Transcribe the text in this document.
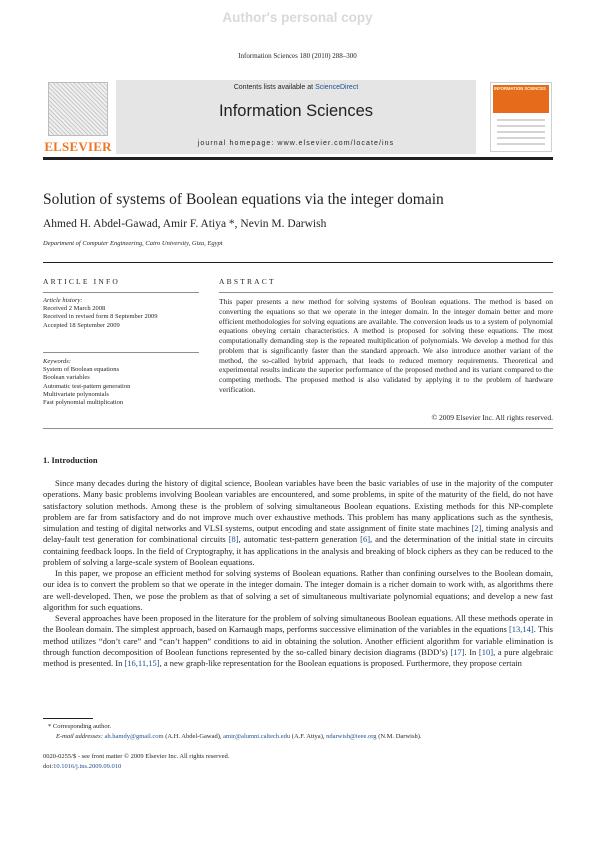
Author's personal copy
Information Sciences 180 (2010) 288–300
ELSEVIER
Contents lists available at ScienceDirect
Information Sciences
journal homepage: www.elsevier.com/locate/ins
INFORMATION SCIENCES
Solution of systems of Boolean equations via the integer domain
Ahmed H. Abdel-Gawad, Amir F. Atiya *, Nevin M. Darwish
Department of Computer Engineering, Cairo University, Giza, Egypt
ARTICLE INFO
Article history:
Received 2 March 2008
Received in revised form 8 September 2009
Accepted 18 September 2009
Keywords:
System of Boolean equations
Boolean variables
Automatic test-pattern generation
Multivariate polynomials
Fast polynomial multiplication
ABSTRACT
This paper presents a new method for solving systems of Boolean equations. The method is based on converting the equations so that we operate in the integer domain. In the integer domain better and more efficient methodologies for solving equations are available. The conversion leads us to a system of polynomial equations obeying certain characteristics. A method is proposed for solving these equations. The most computationally demanding step is the repeated multiplication of polynomials. We develop a method for this problem that is significantly faster than the standard approach. We also introduce another variant of the method, the so-called hybrid approach, that leads to reduced memory requirements. Theoretical and experimental results indicate the superior performance of the proposed method and its variant compared to the competing methods. The proposed method is also validated by applying it to the problem of hardware verification.
© 2009 Elsevier Inc. All rights reserved.
1. Introduction

Since many decades during the history of digital science, Boolean variables have been the basic variables of use in the majority of the computer operations. Many basic problems involving Boolean variables are encountered, and some problems, in spite of the maturity of the field, do not have satisfactory solution methods. Among these is the problem of solving simultaneous Boolean equations. Existing methods for this NP-complete problem are far from satisfactory and do not improve much over exhaustive methods. This problem has many applications such as the synthesis, simulation and testing of digital networks and VLSI systems, output encoding and state assignment of finite state machines [2], timing analysis and delay-fault test generation for combinational circuits [8], automatic test-pattern generation [6], and the determination of the initial state in circuits containing feedback loops. In the field of Cryptography, it has applications in the analysis and breaking of block ciphers as they can be reduced to the problem of solving a large-scale system of Boolean equations.

In this paper, we propose an efficient method for solving systems of Boolean equations. Rather than confining ourselves to the Boolean domain, our idea is to convert the problem so that we operate in the integer domain. The integer domain is a richer domain to work with, as algorithms there are well-developed. Then, we pose the problem as that of solving a set of simultaneous multivariate polynomial equations; and develop a new fast algorithm for such equations.

Several approaches have been proposed in the literature for the problem of solving simultaneous Boolean equations. All these methods operate in the Boolean domain. The simplest approach, based on Karnaugh maps, performs successive elimination of the variables in the equations [13,14]. This method utilizes “don’t care” and “can’t happen” conditions to aid in obtaining the solution. Another efficient algorithm for variable elimination is through function decomposition of Boolean functions represented by the so-called binary decision diagrams (BDD’s) [17]. In [10], a pure algebraic method is presented. In [16,11,15], a new graph-like representation for the Boolean equations is proposed. Furthermore, they propose certain

* Corresponding author.
E-mail addresses: ah.hamdy@gmail.com (A.H. Abdel-Gawad), amir@alumni.caltech.edu (A.F. Atiya), ndarwish@ieee.org (N.M. Darwish).
0020-0255/$ - see front matter © 2009 Elsevier Inc. All rights reserved.
doi:10.1016/j.ins.2009.09.010
